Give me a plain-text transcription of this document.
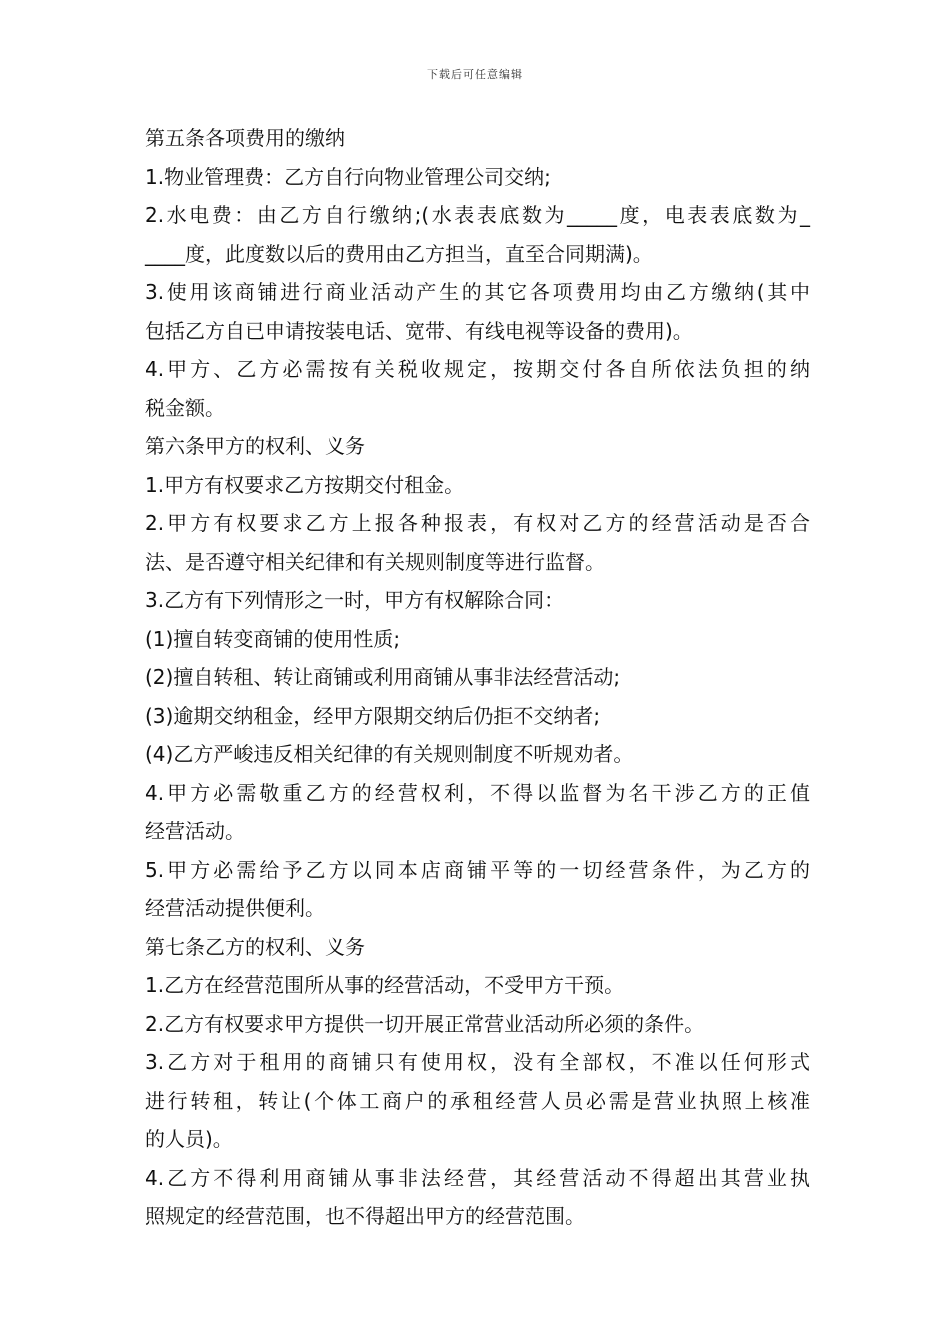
下载后可任意编辑
第五条各项费用的缴纳
1.物业管理费：乙方自行向物业管理公司交纳;
2.水电费：由乙方自行缴纳;(水表表底数为_____度，电表表底数为_
____度，此度数以后的费用由乙方担当，直至合同期满)。
3.使用该商铺进行商业活动产生的其它各项费用均由乙方缴纳(其中
包括乙方自已申请按装电话、宽带、有线电视等设备的费用)。
4.甲方、乙方必需按有关税收规定，按期交付各自所依法负担的纳
税金额。
第六条甲方的权利、义务
1.甲方有权要求乙方按期交付租金。
2.甲方有权要求乙方上报各种报表，有权对乙方的经营活动是否合
法、是否遵守相关纪律和有关规则制度等进行监督。
3.乙方有下列情形之一时，甲方有权解除合同：
(1)擅自转变商铺的使用性质;
(2)擅自转租、转让商铺或利用商铺从事非法经营活动;
(3)逾期交纳租金，经甲方限期交纳后仍拒不交纳者;
(4)乙方严峻违反相关纪律的有关规则制度不听规劝者。
4.甲方必需敬重乙方的经营权利，不得以监督为名干涉乙方的正值
经营活动。
5.甲方必需给予乙方以同本店商铺平等的一切经营条件，为乙方的
经营活动提供便利。
第七条乙方的权利、义务
1.乙方在经营范围所从事的经营活动，不受甲方干预。
2.乙方有权要求甲方提供一切开展正常营业活动所必须的条件。
3.乙方对于租用的商铺只有使用权，没有全部权，不准以任何形式
进行转租，转让(个体工商户的承租经营人员必需是营业执照上核准
的人员)。
4.乙方不得利用商铺从事非法经营，其经营活动不得超出其营业执
照规定的经营范围，也不得超出甲方的经营范围。
